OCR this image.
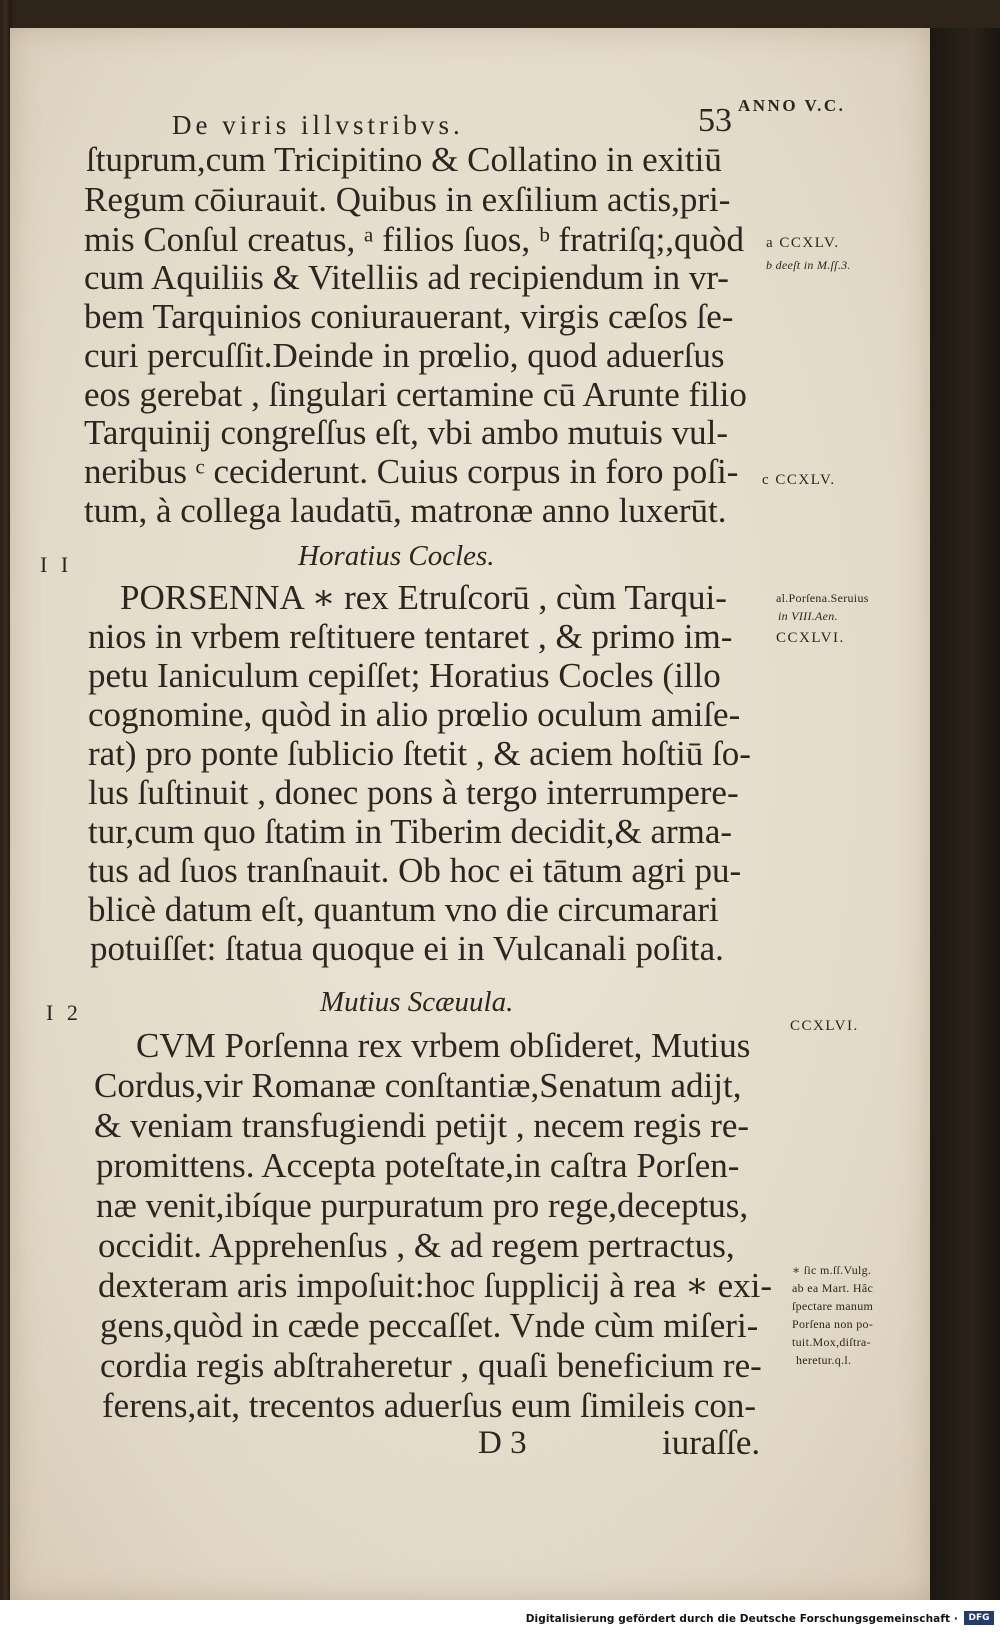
De viris illvstribvs.	53 ANNO V.C.
ſtuprum,cum Tricipitino & Collatino in exitiū
Regum cōiurauit. Quibus in exſilium actis,pri-
mis Conſul creatus, ᵃ filios ſuos, ᵇ fratriſq;,quòd
cum Aquiliis & Vitelliis ad recipiendum in vr-
bem Tarquinios coniurauerant, virgis cæſos ſe-
curi percuſſit.Deinde in prœlio, quod aduerſus
eos gerebat , ſingulari certamine cū Arunte filio
Tarquinij congreſſus eſt, vbi ambo mutuis vul-
neribus ᶜ ceciderunt. Cuius corpus in foro poſi-
tum, à collega laudatū, matronæ anno luxerūt.
I I	Horatius Cocles.
PORSENNA ∗ rex Etruſcorū , cùm Tarqui-
nios in vrbem reſtituere tentaret , & primo im-
petu Ianiculum cepiſſet; Horatius Cocles (illo
cognomine, quòd in alio prœlio oculum amiſe-
rat) pro ponte ſublicio ſtetit , & aciem hoſtiū ſo-
lus ſuſtinuit , donec pons à tergo interrumpere-
tur,cum quo ſtatim in Tiberim decidit,& arma-
tus ad ſuos tranſnauit. Ob hoc ei tātum agri pu-
blicè datum eſt, quantum vno die circumarari
potuiſſet: ſtatua quoque ei in Vulcanali poſita.
I 2	Mutius Scæuula.
CVM Porſenna rex vrbem obſideret, Mutius
Cordus,vir Romanæ conſtantiæ,Senatum adijt,
& veniam transfugiendi petijt , necem regis re-
promittens. Accepta poteſtate,in caſtra Porſen-
næ venit,ibíque purpuratum pro rege,deceptus,
occidit. Apprehenſus , & ad regem pertractus,
dexteram aris impoſuit:hoc ſupplicij à rea ∗ exi-
gens,quòd in cæde peccaſſet. Vnde cùm miſeri-
cordia regis abſtraheretur , quaſi beneficium re-
ferens,ait, trecentos aduerſus eum ſimileis con-
D 3	iuraſſe.
a CCXLV.
b deeſt in M.ſſ.3.
c CCXLV.
al.Porſena.Seruius
in VIII.Aen.
CCXLVI.
CCXLVI.
∗ ſic m.ſſ.Vulg.
ab ea Mart. Hâc
ſpectare manum
Porſena non po-
tuit.Mox,diſtra-
heretur.q.l.
Digitalisierung gefördert durch die Deutsche Forschungsgemeinschaft ·	DFG
